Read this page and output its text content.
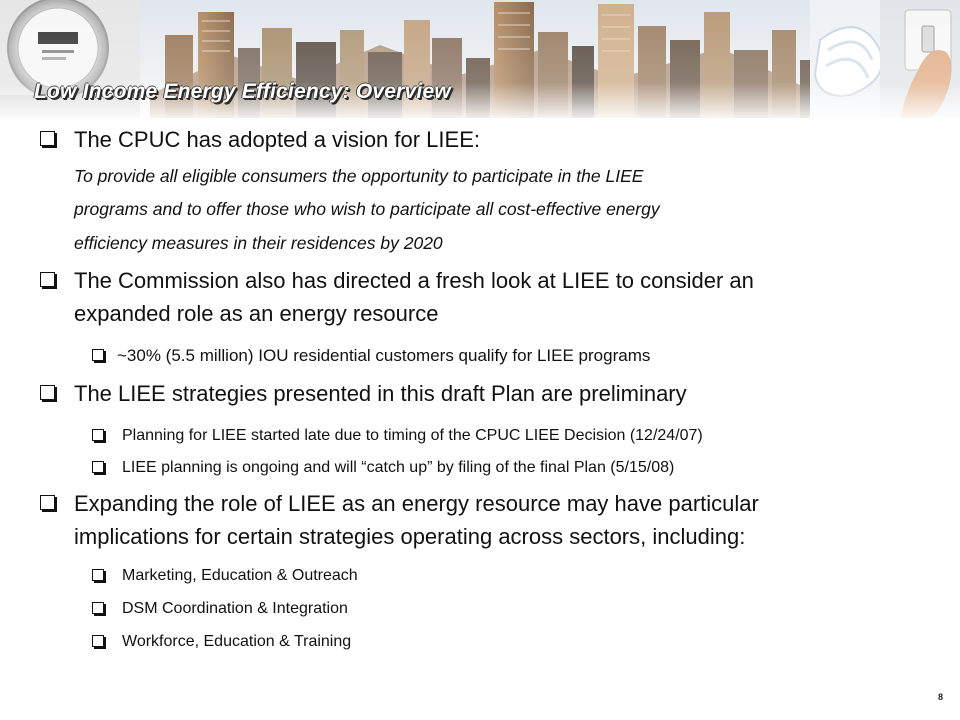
Low Income Energy Efficiency: Overview
The CPUC has adopted a vision for LIEE:
To provide all eligible consumers the opportunity to participate in the LIEE
programs and to offer those who wish to participate all cost-effective energy
efficiency measures in their residences by 2020
The Commission also has directed a fresh look at LIEE to consider an
expanded role as an energy resource
~30% (5.5 million) IOU residential customers qualify for LIEE programs
The LIEE strategies presented in this draft Plan are preliminary
Planning for LIEE started late due to timing of the CPUC LIEE Decision (12/24/07)
LIEE planning is ongoing and will “catch up” by filing of the final Plan (5/15/08)
Expanding the role of LIEE as an energy resource may have particular
implications for certain strategies operating across sectors, including:
Marketing, Education & Outreach
DSM Coordination & Integration
Workforce, Education & Training
8
